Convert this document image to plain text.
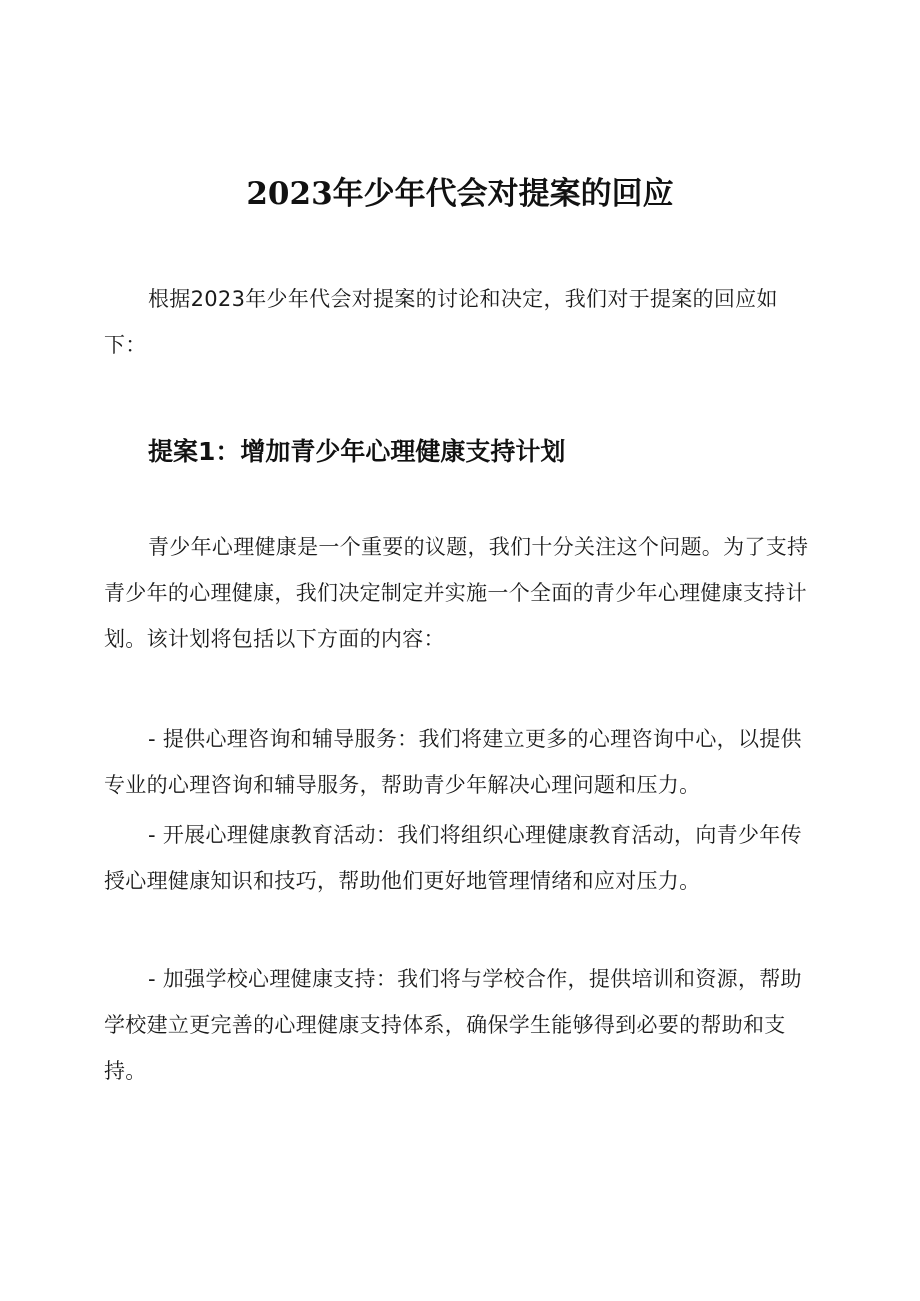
2023年少年代会对提案的回应

根据2023年少年代会对提案的讨论和决定，我们对于提案的回应如下：

提案1：增加青少年心理健康支持计划

青少年心理健康是一个重要的议题，我们十分关注这个问题。为了支持青少年的心理健康，我们决定制定并实施一个全面的青少年心理健康支持计划。该计划将包括以下方面的内容：

- 提供心理咨询和辅导服务：我们将建立更多的心理咨询中心，以提供专业的心理咨询和辅导服务，帮助青少年解决心理问题和压力。

- 开展心理健康教育活动：我们将组织心理健康教育活动，向青少年传授心理健康知识和技巧，帮助他们更好地管理情绪和应对压力。

- 加强学校心理健康支持：我们将与学校合作，提供培训和资源，帮助学校建立更完善的心理健康支持体系，确保学生能够得到必要的帮助和支持。
